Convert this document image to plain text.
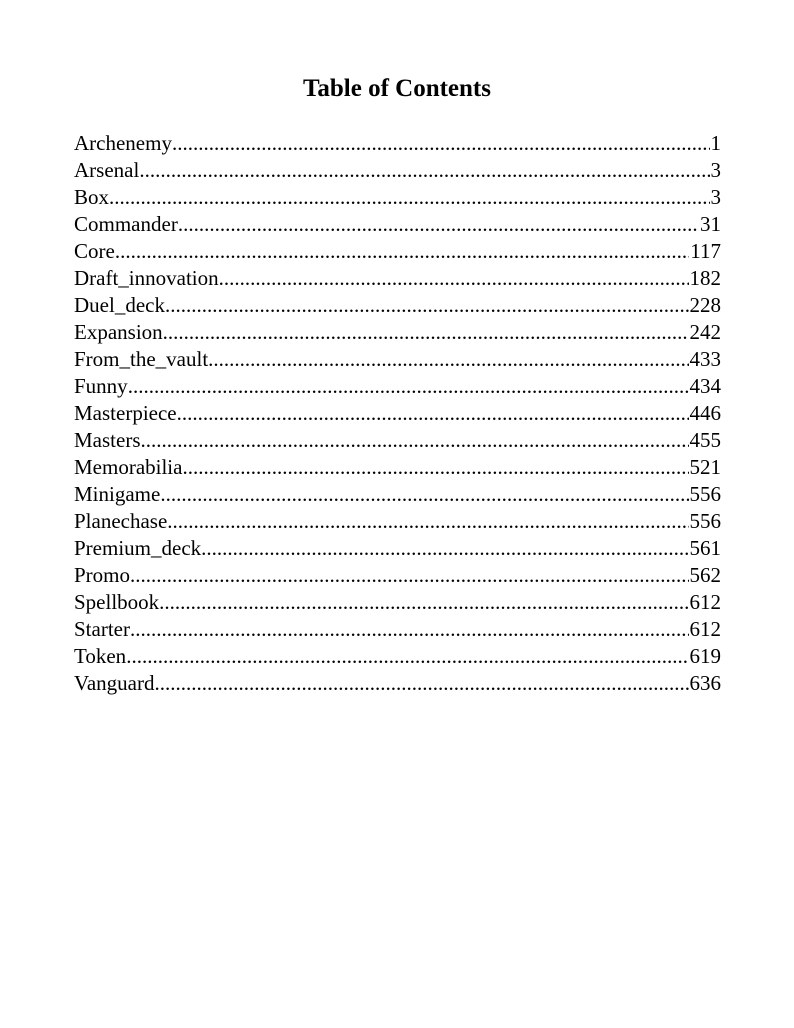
Table of Contents
Archenemy .....	1
Arsenal .....	3
Box .....	3
Commander .....	31
Core .....	117
Draft_innovation .....	182
Duel_deck .....	228
Expansion .....	242
From_the_vault .....	433
Funny .....	434
Masterpiece .....	446
Masters .....	455
Memorabilia .....	521
Minigame .....	556
Planechase .....	556
Premium_deck .....	561
Promo .....	562
Spellbook .....	612
Starter .....	612
Token .....	619
Vanguard .....	636
